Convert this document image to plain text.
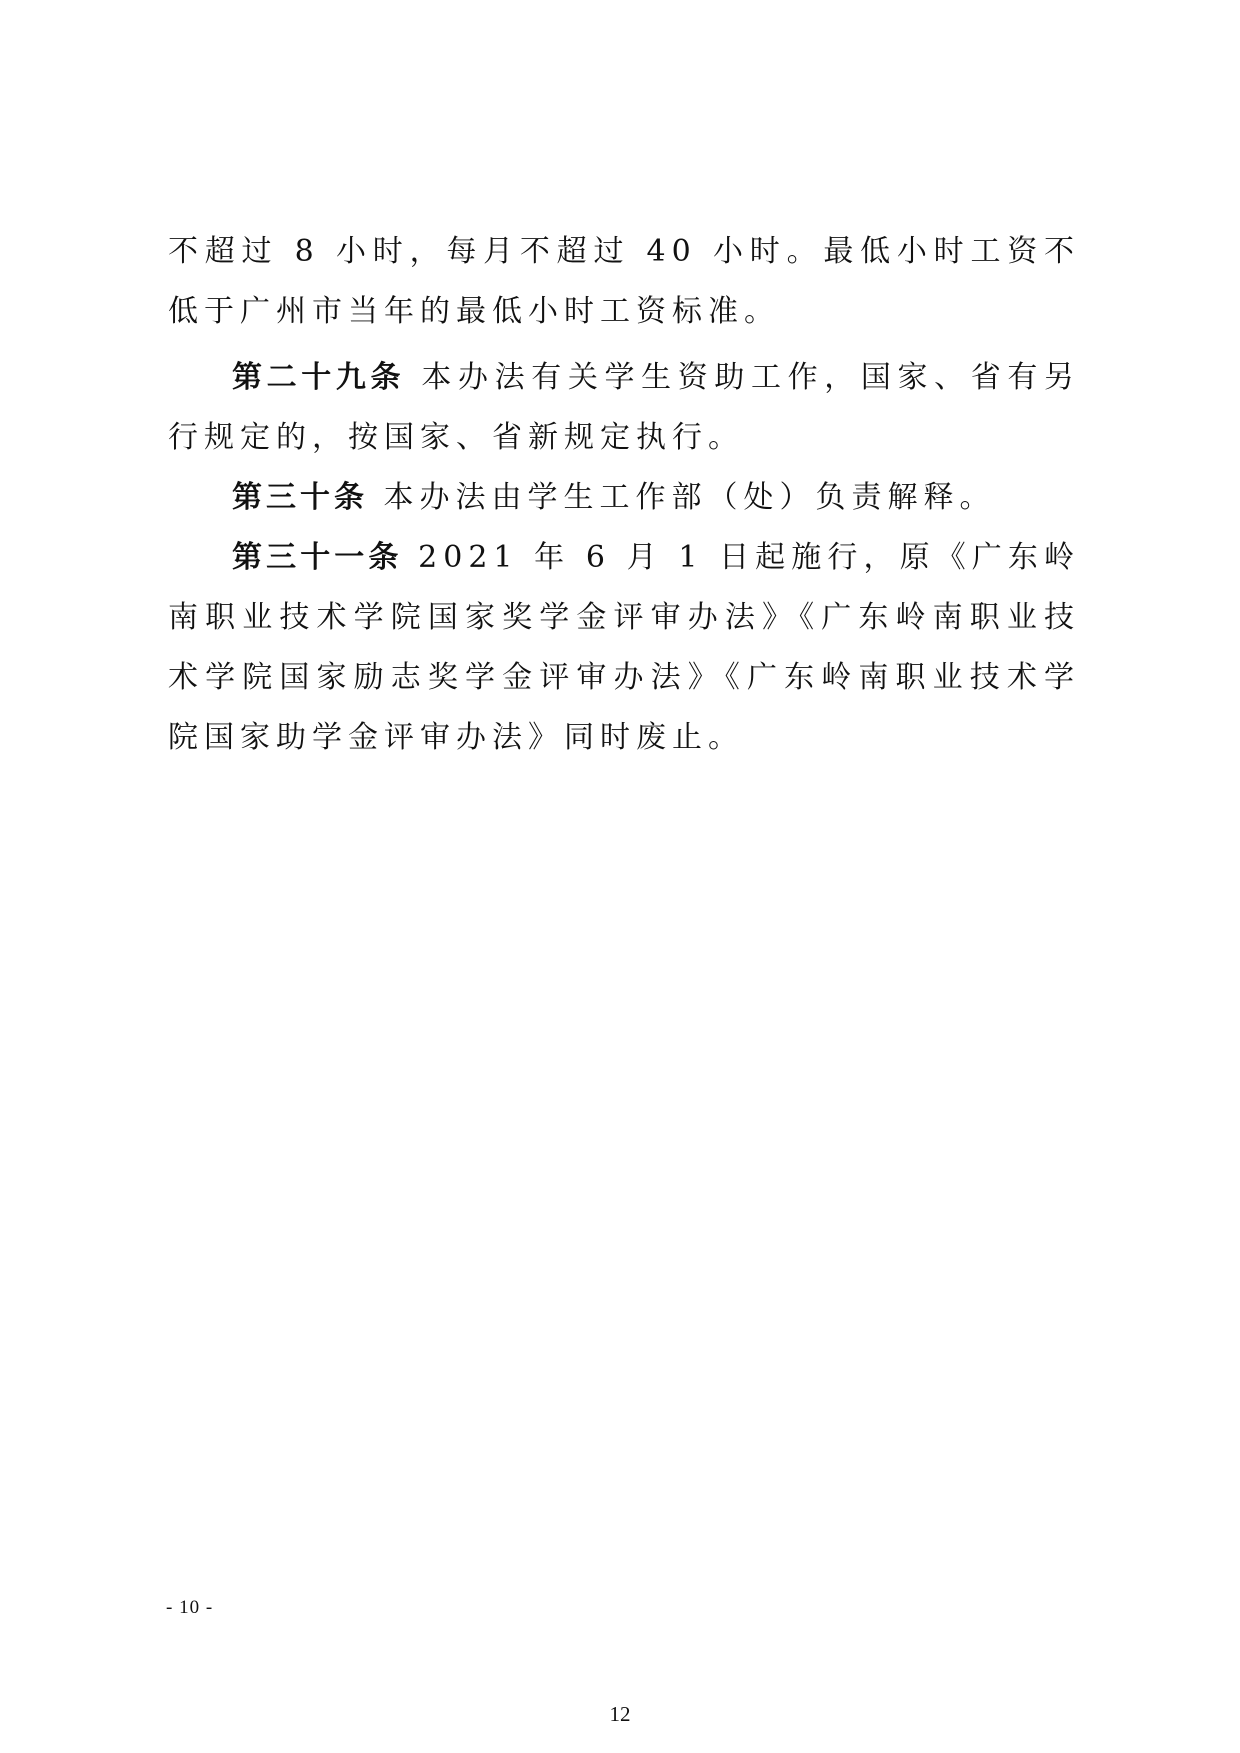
不超过 8 小时，每月不超过 40 小时。最低小时工资不低于广州市当年的最低小时工资标准。

第二十九条 本办法有关学生资助工作，国家、省有另行规定的，按国家、省新规定执行。

第三十条 本办法由学生工作部（处）负责解释。

第三十一条 2021 年 6 月 1 日起施行，原《广东岭南职业技术学院国家奖学金评审办法》《广东岭南职业技术学院国家励志奖学金评审办法》《广东岭南职业技术学院国家助学金评审办法》同时废止。

- 10 -
12
